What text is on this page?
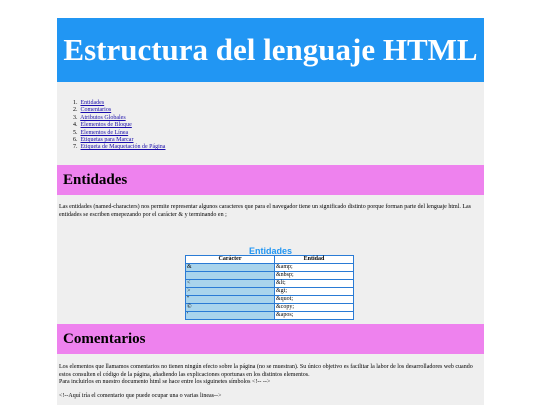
Estructura del lenguaje HTML
1. Entidades
2. Comentarios
3. Atributos Globales
4. Elementos de Bloque
5. Elementos de Línea
6. Etiquetas para Marcar
7. Etiqueta de Maquetación de Página
Entidades

Las entidades (named-characters) nos permite representar algunos caracteres que para el navegador tiene un significado distinto porque forman parte del lenguaje html. Las entidades se escriben emepezando por el carácter & y terminando en ;

Entidades
Carácter	Entidad
&	&amp;
	&nbsp;
<	&lt;
>	&gt;
"	&quot;
©	&copy;
'	&apos;
Comentarios
Los elementos que llamamos comentarios no tienen ningún efecto sobre la página (no se muestran). Su único objetivo es facilitar la labor de los desarrolladores web cuando estos consulten el código de la página, añadiendo las explicaciones oportunas en los distintos elementos.
Para incluirlos en nuestro documento html se hace entre los siguinetes símbolos <!-- -->

<!--Aquí iría el comentario que puede ocupar una o varias lineas-->
